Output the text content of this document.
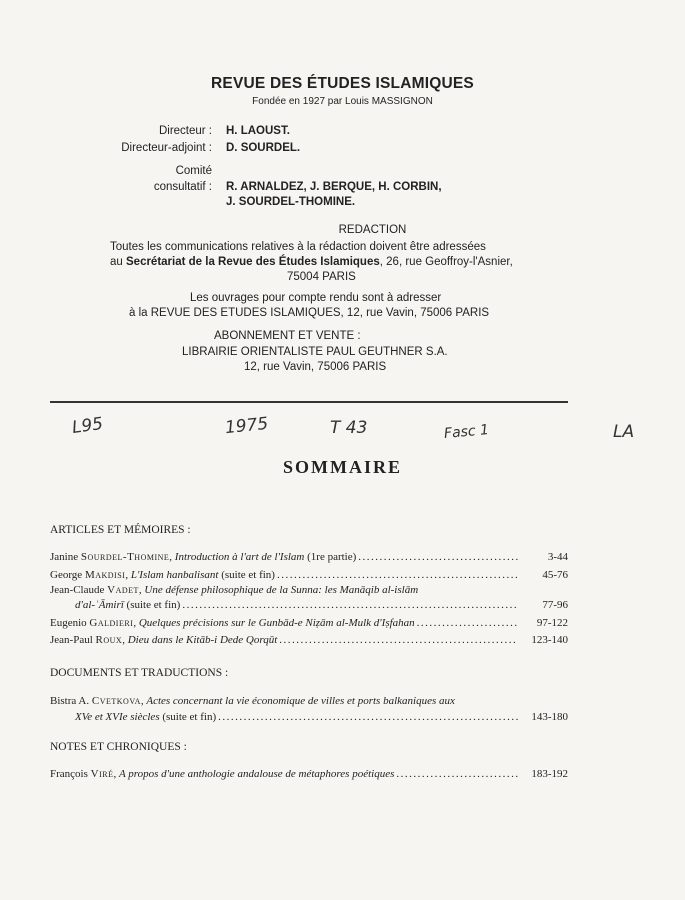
REVUE DES ÉTUDES ISLAMIQUES
Fondée en 1927 par Louis MASSIGNON
Directeur : H. LAOUST.
Directeur-adjoint : D. SOURDEL.
Comité
consultatif : R. ARNALDEZ, J. BERQUE, H. CORBIN,
J. SOURDEL-THOMINE.
REDACTION
Toutes les communications relatives à la rédaction doivent être adressées
au Secrétariat de la Revue des Études Islamiques, 26, rue Geoffroy-l'Asnier,
75004 PARIS
Les ouvrages pour compte rendu sont à adresser
à la REVUE DES ETUDES ISLAMIQUES, 12, rue Vavin, 75006 PARIS
ABONNEMENT ET VENTE :
LIBRAIRIE ORIENTALISTE PAUL GEUTHNER S.A.
12, rue Vavin, 75006 PARIS
L95	1975	T 43	Fasc 1	LA
SOMMAIRE
ARTICLES ET MÉMOIRES :
Janine Sourdel-Thomine, Introduction à l'art de l'Islam (1re partie) .....	3-44
George Makdisi, L'Islam hanbalisant (suite et fin) .....	45-76
Jean-Claude Vadet, Une défense philosophique de la Sunna: les Manāqib al-islām
d'al-ʿĀmirī (suite et fin) .....	77-96
Eugenio Galdieri, Quelques précisions sur le Gunbād-e Niẓām al-Mulk d'Iṣfahan .....	97-122
Jean-Paul Roux, Dieu dans le Kitāb-i Dede Qorqūt .....	123-140
DOCUMENTS ET TRADUCTIONS :
Bistra A. Cvetkova, Actes concernant la vie économique de villes et ports balkaniques aux
XVe et XVIe siècles (suite et fin) .....	143-180
NOTES ET CHRONIQUES :
François Viré, A propos d'une anthologie andalouse de métaphores poétiques .....	183-192
